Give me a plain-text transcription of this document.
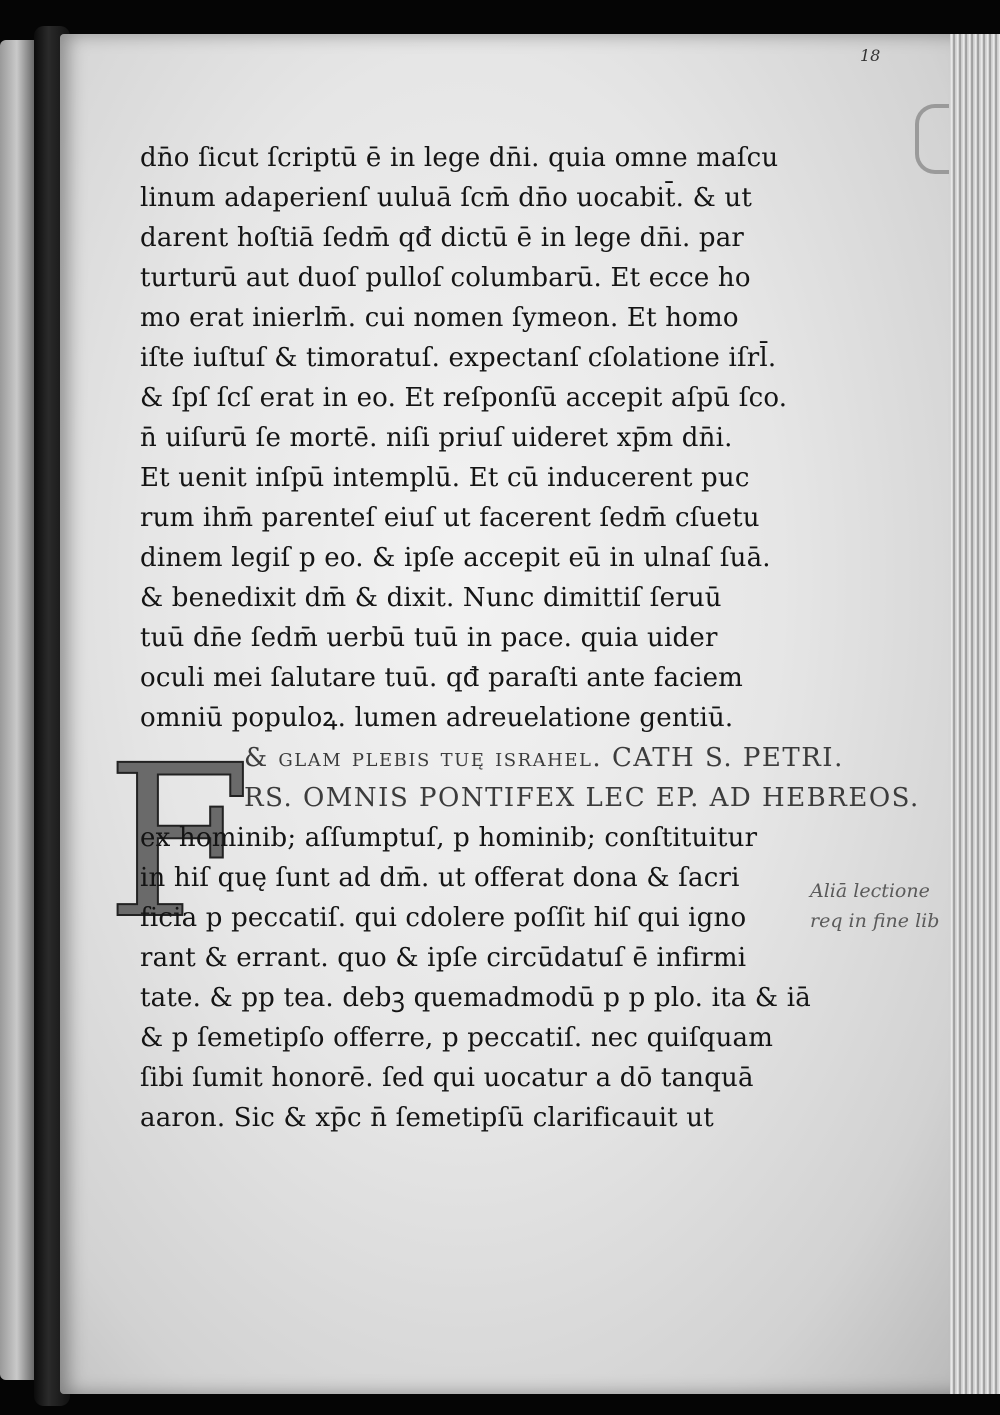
18
F
dn̄o ſicut ſcriptū ē in lege dn̄i. quia omne maſcu
linum adaperienſ uuluā ſcm̄ dn̄o uocabit̄. & ut
darent hoſtiā ſedm̄ qđ dictū ē in lege dn̄i. par
turturū aut duoſ pulloſ columbarū. Et ecce ho
mo erat inierlm̄. cui nomen ſymeon. Et homo
iſte iuſtuſ & timoratuſ. expectanſ cſolatione iſrl̄.
& ſpſ ſcſ erat in eo. Et reſponſū accepit aſpū ſco.
n̄ uiſurū ſe mortē. niſi priuſ uideret xp̄m dn̄i.
Et uenit inſpū intemplū. Et cū inducerent puc
rum ihm̄ parenteſ eiuſ ut facerent ſedm̄ cſuetu
dinem legiſ p eo. & ipſe accepit eū in ulnaſ ſuā.
& benedixit dm̄ & dixit. Nunc dimittiſ ſeruū
tuū dn̄e ſedm̄ uerbū tuū in pace. quia uider
oculi mei ſalutare tuū. qđ paraſti ante faciem
omniū populoꝝ. lumen adreuelatione gentiū.
& glam plebiſ tuę iſrahel. CATH S. PETRI.
RS. OMNIS PONTIFEX LEC EP. AD HEBREOS.
ex hominib; aſſumptuſ, p hominib; conſtituitur
in hiſ quę ſunt ad dm̄. ut offerat dona & ſacri
ficia p peccatiſ. qui cdolere poſſit hiſ qui igno
rant & errant. quo & ipſe circūdatuſ ē infirmi
tate. & pp tea. debꝫ quemadmodū p p plo. ita & iā
& p ſemetipſo offerre, p peccatiſ. nec quiſquam
ſibi ſumit honorē. ſed qui uocatur a dō tanquā
aaron. Sic & xp̄c n̄ ſemetipſū clarificauit ut
Aliā lectione
req in fine lib
